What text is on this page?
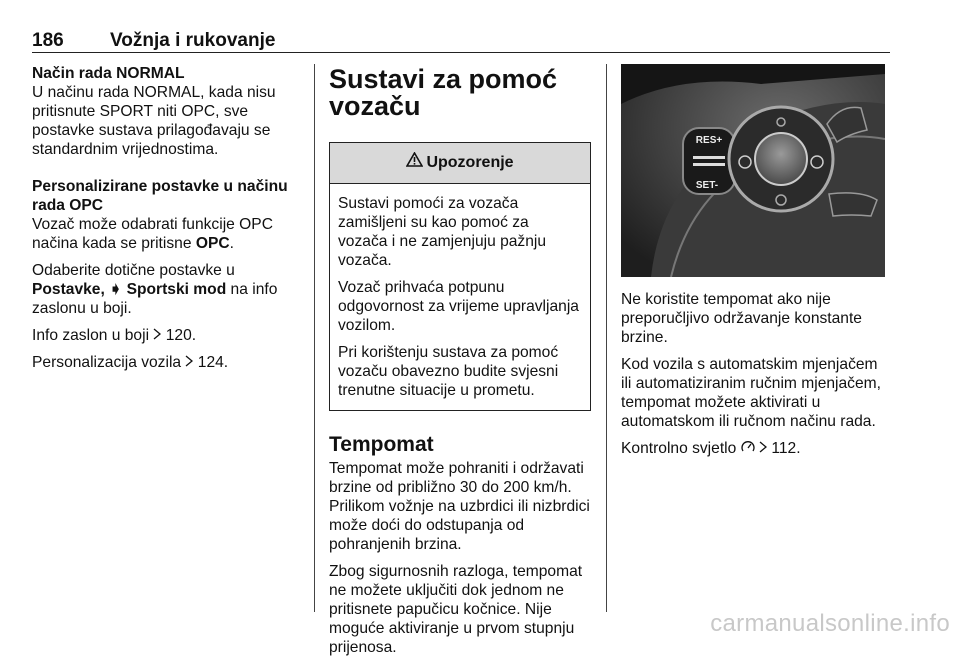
186 Vožnja i rukovanje
Način rada NORMAL

U načinu rada NORMAL, kada nisu pritisnute SPORT niti OPC, sve postavke sustava prilagođavaju se standardnim vrijednostima.

Personalizirane postavke u načinu rada OPC

Vozač može odabrati funkcije OPC načina kada se pritisne OPC.

Odaberite dotične postavke u Postavke, ➧ Sportski mod na info zaslonu u boji.

Info zaslon u boji 120.

Personalizacija vozila 124.

Sustavi za pomoć vozaču
Upozorenje

Sustavi pomoći za vozača zamišljeni su kao pomoć za vozača i ne zamjenjuju pažnju vozača.

Vozač prihvaća potpunu odgovornost za vrijeme upravljanja vozilom.

Pri korištenju sustava za pomoć vozaču obavezno budite svjesni trenutne situacije u prometu.

Tempomat

Tempomat može pohraniti i održavati brzine od približno 30 do 200 km/h. Prilikom vožnje na uzbrdici ili nizbrdici može doći do odstupanja od pohranjenih brzina.

Zbog sigurnosnih razloga, tempomat ne možete uključiti dok jednom ne pritisnete papučicu kočnice. Nije moguće aktiviranje u prvom stupnju prijenosa.

RES+
SET-

Ne koristite tempomat ako nije preporučljivo održavanje konstante brzine.

Kod vozila s automatskim mjenjačem ili automatiziranim ručnim mjenjačem, tempomat možete aktivirati u automatskom ili ručnom načinu rada.

Kontrolno svjetlo 112.

carmanualsonline.info
